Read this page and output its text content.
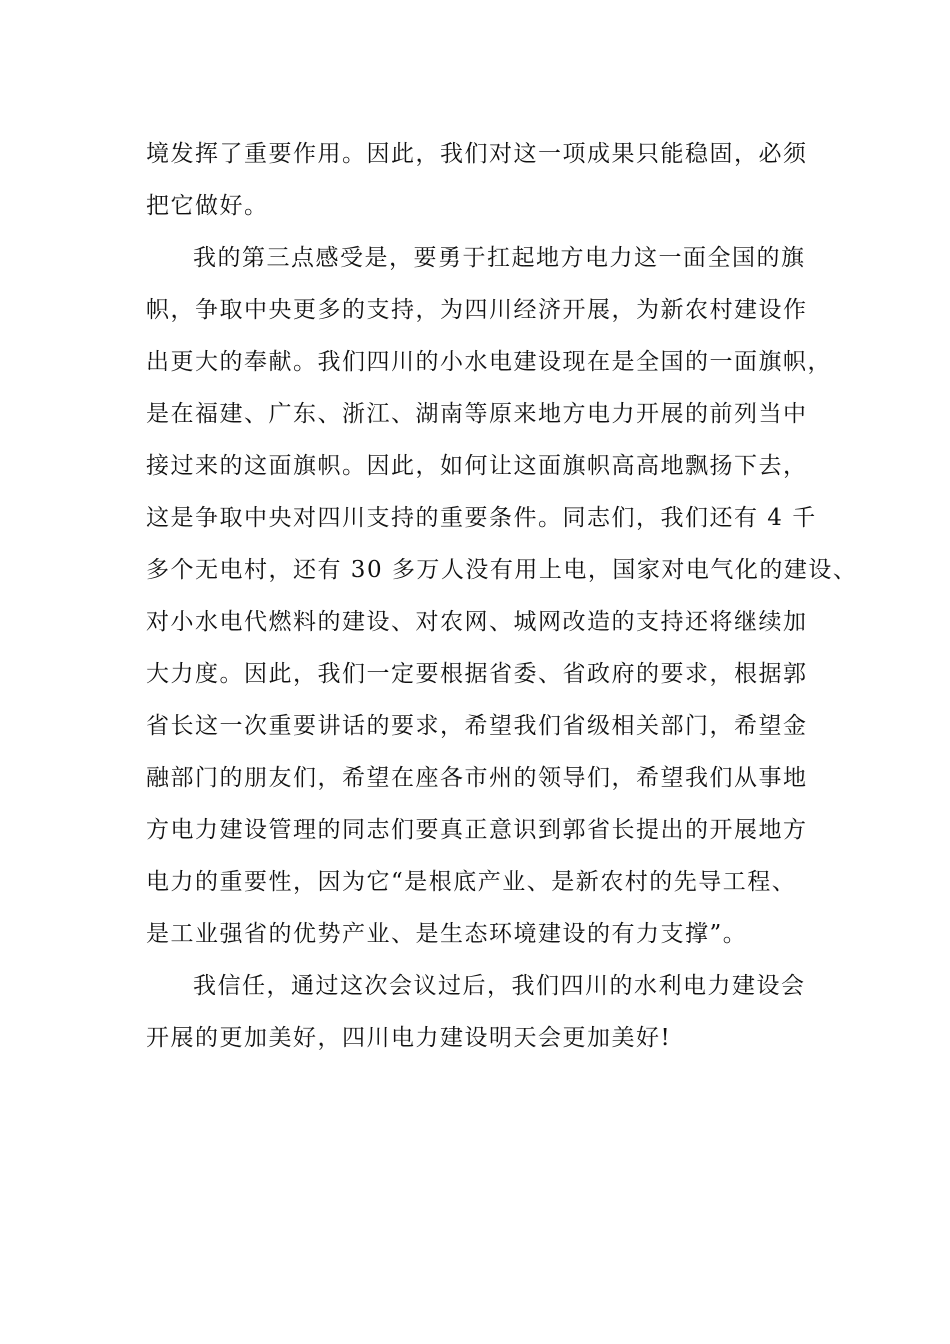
境发挥了重要作用。因此，我们对这一项成果只能稳固，必须
把它做好。
我的第三点感受是，要勇于扛起地方电力这一面全国的旗
帜，争取中央更多的支持，为四川经济开展，为新农村建设作
出更大的奉献。我们四川的小水电建设现在是全国的一面旗帜，
是在福建、广东、浙江、湖南等原来地方电力开展的前列当中
接过来的这面旗帜。因此，如何让这面旗帜高高地飘扬下去，
这是争取中央对四川支持的重要条件。同志们，我们还有 4 千
多个无电村，还有 30 多万人没有用上电，国家对电气化的建设、
对小水电代燃料的建设、对农网、城网改造的支持还将继续加
大力度。因此，我们一定要根据省委、省政府的要求，根据郭
省长这一次重要讲话的要求，希望我们省级相关部门，希望金
融部门的朋友们，希望在座各市州的领导们，希望我们从事地
方电力建设管理的同志们要真正意识到郭省长提出的开展地方
电力的重要性，因为它“是根底产业、是新农村的先导工程、
是工业强省的优势产业、是生态环境建设的有力支撑”。
我信任，通过这次会议过后，我们四川的水利电力建设会
开展的更加美好，四川电力建设明天会更加美好!
